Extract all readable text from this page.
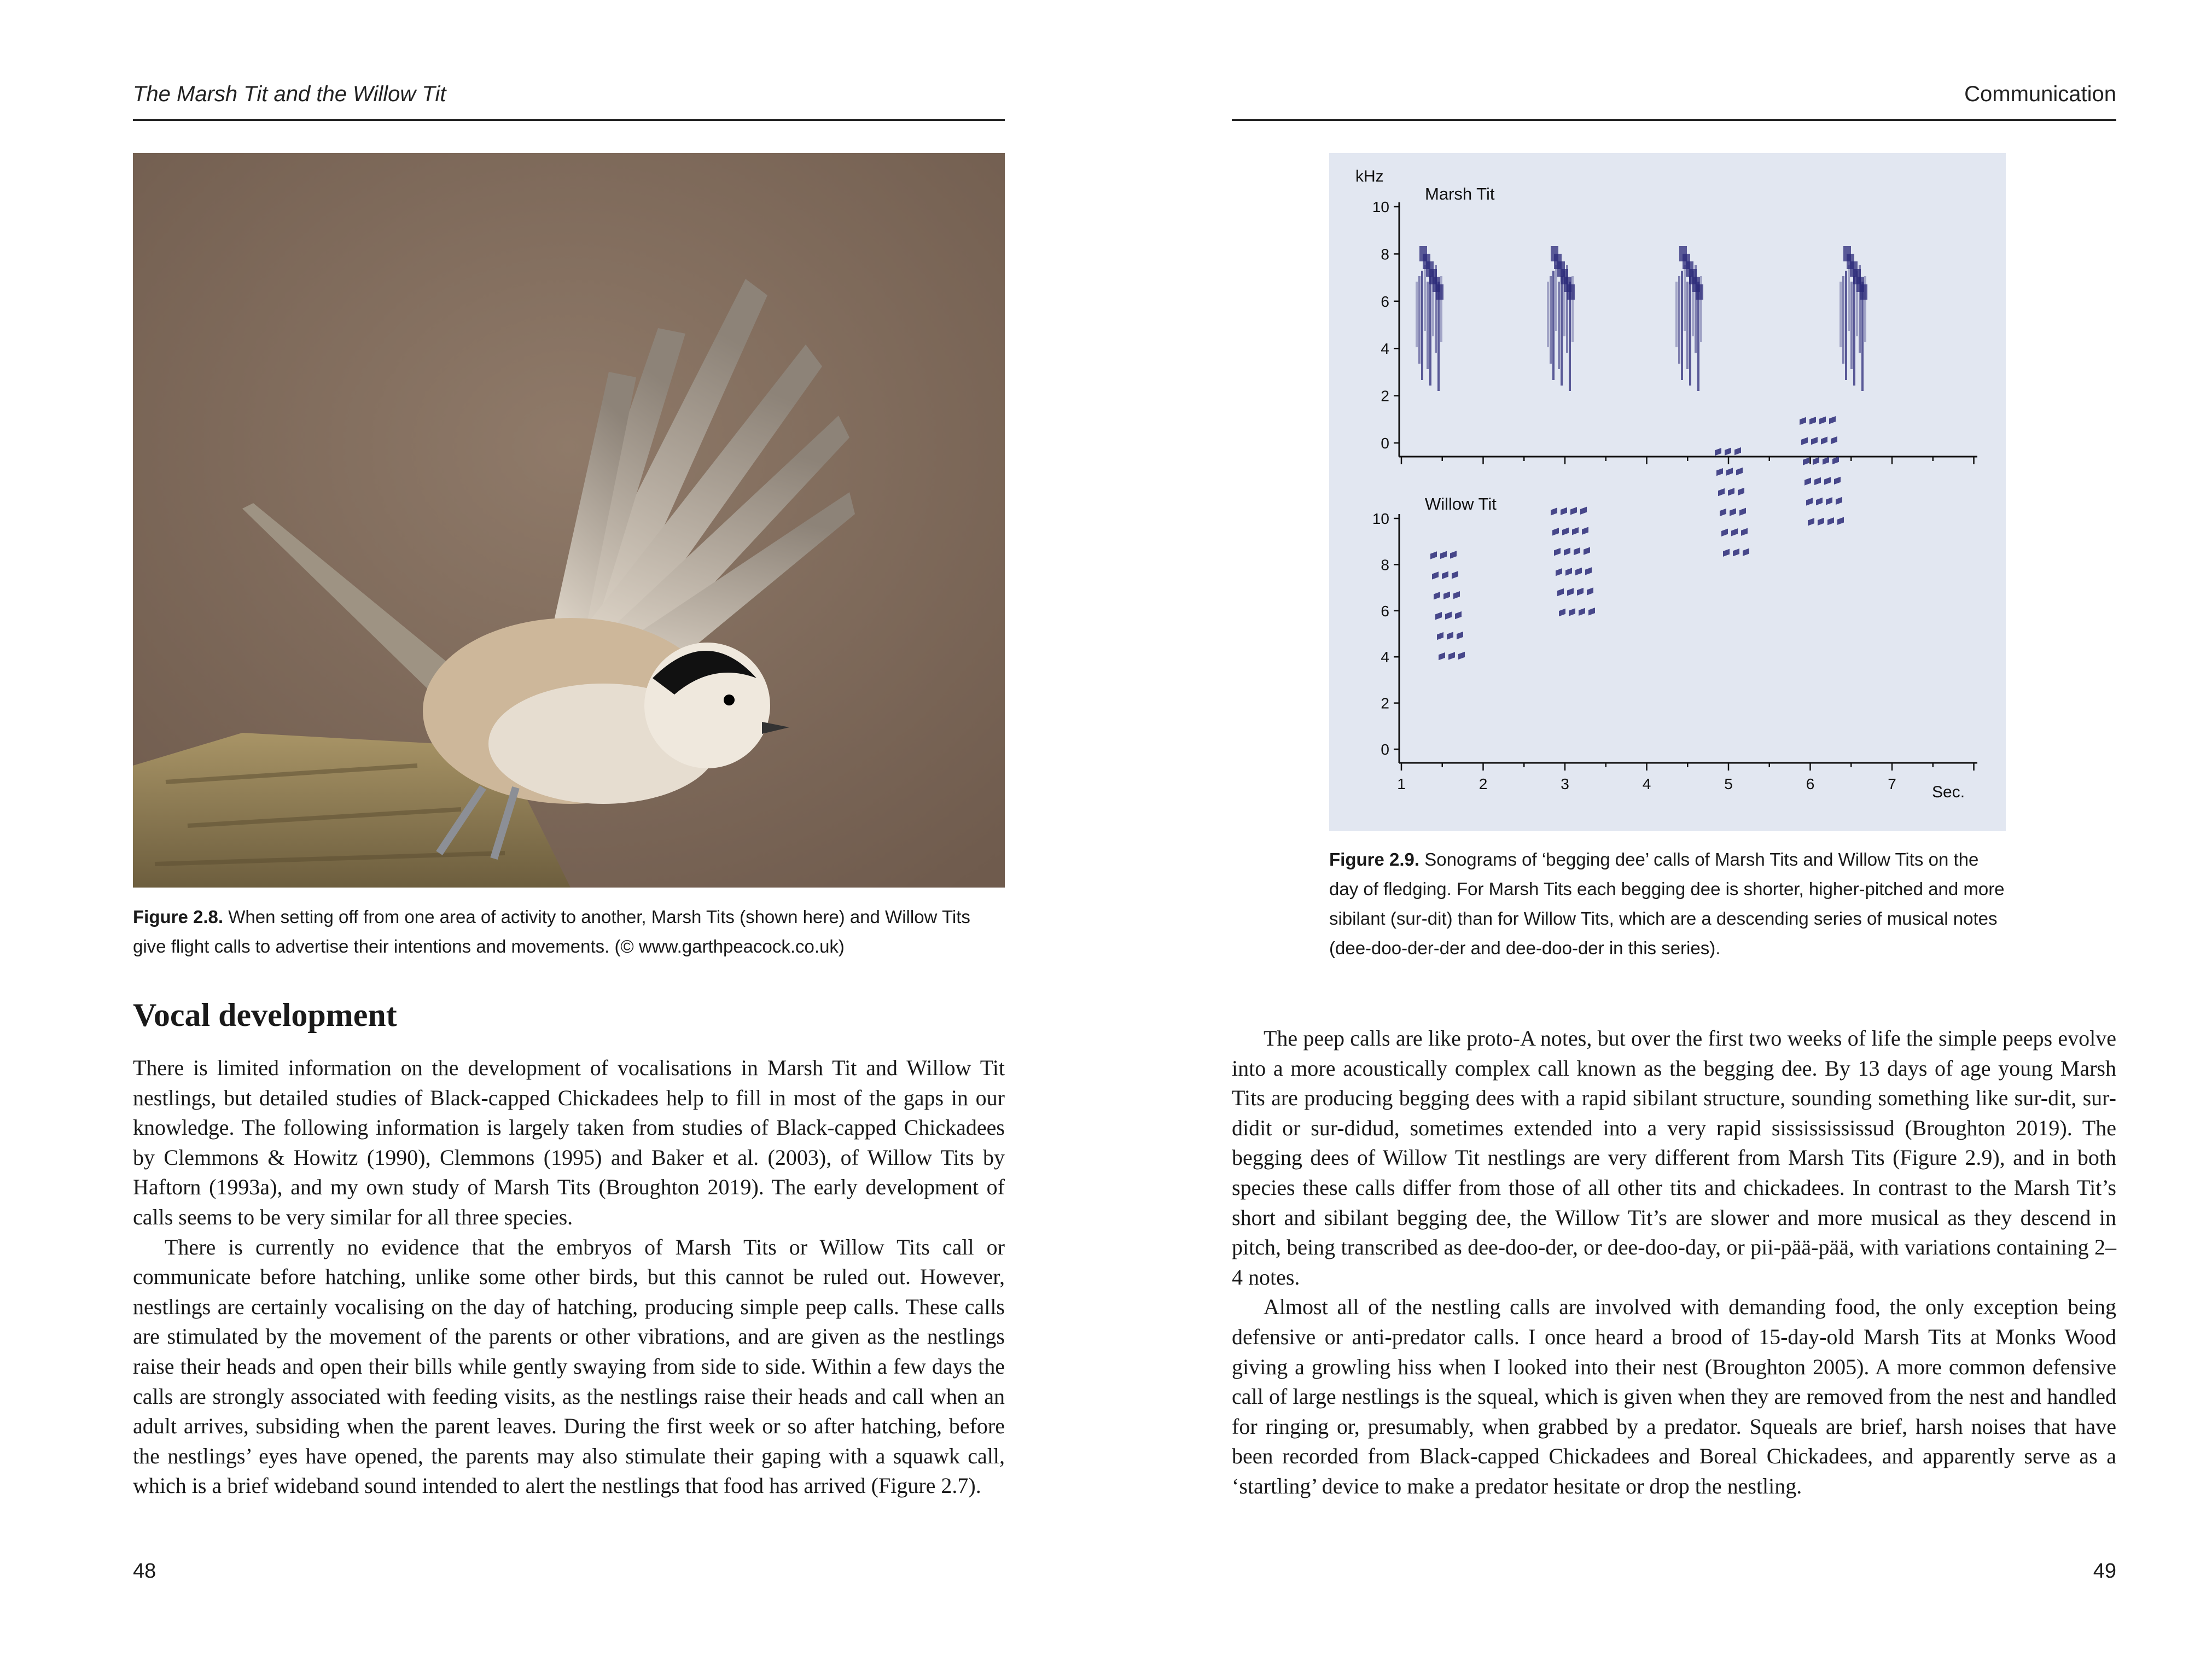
The Marsh Tit and the Willow Tit

Figure 2.8. When setting off from one area of activity to another, Marsh Tits (shown here) and Willow Tits give flight calls to advertise their intentions and movements. (© www.garthpeacock.co.uk)

Vocal development

There is limited information on the development of vocalisations in Marsh Tit and Willow Tit nestlings, but detailed studies of Black-capped Chickadees help to fill in most of the gaps in our knowledge. The following information is largely taken from studies of Black-capped Chickadees by Clemmons & Howitz (1990), Clemmons (1995) and Baker et al. (2003), of Willow Tits by Haftorn (1993a), and my own study of Marsh Tits (Broughton 2019). The early development of calls seems to be very similar for all three species.

There is currently no evidence that the embryos of Marsh Tits or Willow Tits call or communicate before hatching, unlike some other birds, but this cannot be ruled out. However, nestlings are certainly vocalising on the day of hatching, producing simple peep calls. These calls are stimulated by the movement of the parents or other vibrations, and are given as the nestlings raise their heads and open their bills while gently swaying from side to side. Within a few days the calls are strongly associated with feeding visits, as the nestlings raise their heads and call when an adult arrives, subsiding when the parent leaves. During the first week or so after hatching, before the nestlings’ eyes have opened, the parents may also stimulate their gaping with a squawk call, which is a brief wideband sound intended to alert the nestlings that food has arrived (Figure 2.7).

48
Communication
kHz
Marsh Tit
Willow Tit
Sec.
0
2
4
6
8
10
0
2
4
6
8
10
1	2	3	4	5	6	7

Figure 2.9. Sonograms of ‘begging dee’ calls of Marsh Tits and Willow Tits on the day of fledging. For Marsh Tits each begging dee is shorter, higher-pitched and more sibilant (sur-dit) than for Willow Tits, which are a descending series of musical notes (dee-doo-der-der and dee-doo-der in this series).

The peep calls are like proto-A notes, but over the first two weeks of life the simple peeps evolve into a more acoustically complex call known as the begging dee. By 13 days of age young Marsh Tits are producing begging dees with a rapid sibilant structure, sounding something like sur-dit, sur-didit or sur-didud, sometimes extended into a very rapid sississississud (Broughton 2019). The begging dees of Willow Tit nestlings are very different from Marsh Tits (Figure 2.9), and in both species these calls differ from those of all other tits and chickadees. In contrast to the Marsh Tit’s short and sibilant begging dee, the Willow Tit’s are slower and more musical as they descend in pitch, being transcribed as dee-doo-der, or dee-doo-day, or pii-pää-pää, with variations containing 2–4 notes.

Almost all of the nestling calls are involved with demanding food, the only exception being defensive or anti-predator calls. I once heard a brood of 15-day-old Marsh Tits at Monks Wood giving a growling hiss when I looked into their nest (Broughton 2005). A more common defensive call of large nestlings is the squeal, which is given when they are removed from the nest and handled for ringing or, presumably, when grabbed by a predator. Squeals are brief, harsh noises that have been recorded from Black-capped Chickadees and Boreal Chickadees, and apparently serve as a ‘startling’ device to make a predator hesitate or drop the nestling.

49
